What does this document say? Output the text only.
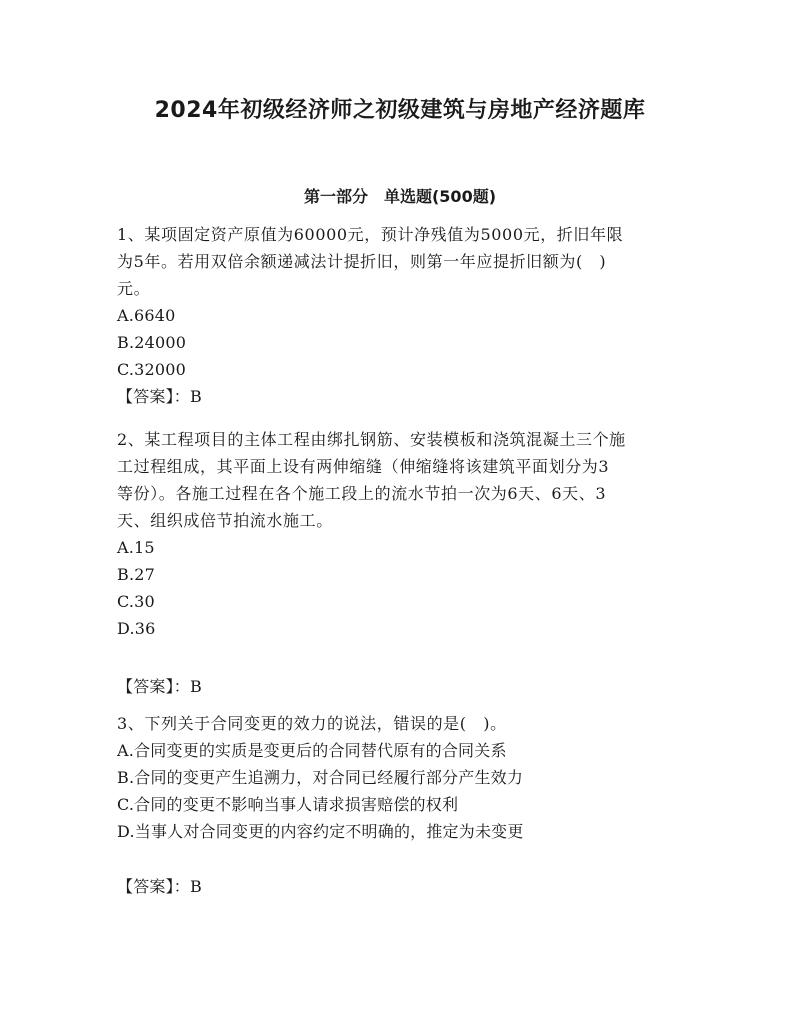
2024年初级经济师之初级建筑与房地产经济题库
第一部分　单选题(500题)
1、某项固定资产原值为60000元，预计净残值为5000元，折旧年限
为5年。若用双倍余额递减法计提折旧，则第一年应提折旧额为(　)
元。
A.6640
B.24000
C.32000
【答案】：B
2、某工程项目的主体工程由绑扎钢筋、安装模板和浇筑混凝土三个施
工过程组成，其平面上设有两伸缩缝（伸缩缝将该建筑平面划分为3
等份）。各施工过程在各个施工段上的流水节拍一次为6天、6天、3
天、组织成倍节拍流水施工。
A.15
B.27
C.30
D.36
【答案】：B
3、下列关于合同变更的效力的说法，错误的是(　)。
A.合同变更的实质是变更后的合同替代原有的合同关系
B.合同的变更产生追溯力，对合同已经履行部分产生效力
C.合同的变更不影响当事人请求损害赔偿的权利
D.当事人对合同变更的内容约定不明确的，推定为未变更
【答案】：B
